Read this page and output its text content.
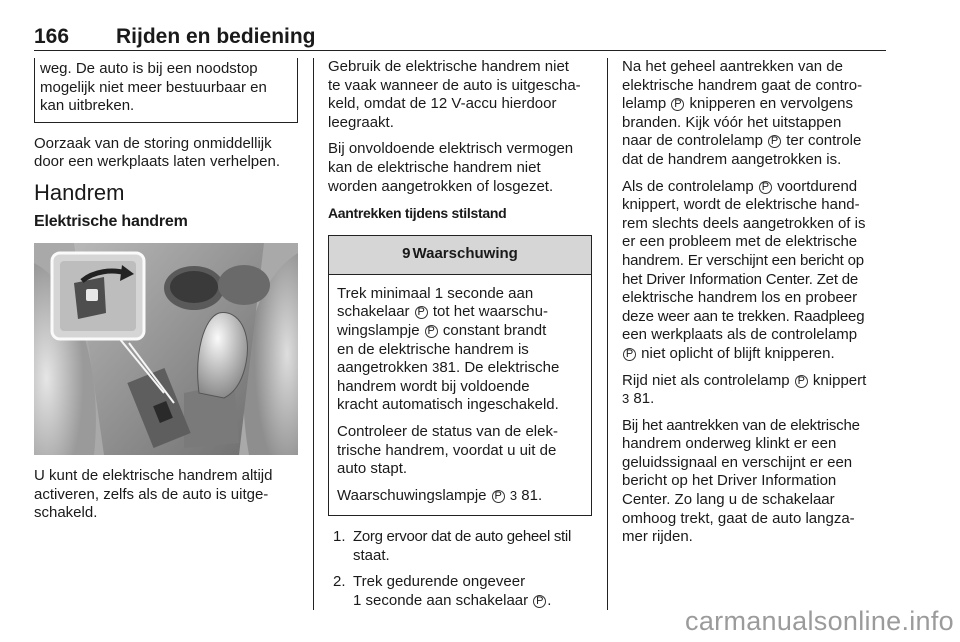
166 Rijden en bediening
weg. De auto is bij een noodstop
mogelijk niet meer bestuurbaar en
kan uitbreken.

Oorzaak van de storing onmiddellijk
door een werkplaats laten verhelpen.

Handrem
Elektrische handrem

U kunt de elektrische handrem altijd
activeren, zelfs als de auto is uitge-
schakeld.

Gebruik de elektrische handrem niet
te vaak wanneer de auto is uitgescha-
keld, omdat de 12 V-accu hierdoor
leegraakt.

Bij onvoldoende elektrisch vermogen
kan de elektrische handrem niet
worden aangetrokken of losgezet.

Aantrekken tijdens stilstand
9 Waarschuwing

Trek minimaal 1 seconde aan
schakelaar P tot het waarschu-
wingslampje P constant brandt
en de elektrische handrem is
aangetrokken 381. De elektrische
handrem wordt bij voldoende
kracht automatisch ingeschakeld.

Controleer de status van de elek-
trische handrem, voordat u uit de
auto stapt.

Waarschuwingslampje P 3 81.

1. Zorg ervoor dat de auto geheel stil
staat.
2. Trek gedurende ongeveer
1 seconde aan schakelaar P .

Na het geheel aantrekken van de
elektrische handrem gaat de contro-
lelamp P knipperen en vervolgens
branden. Kijk vóór het uitstappen
naar de controlelamp P ter controle
dat de handrem aangetrokken is.

Als de controlelamp P voortdurend
knippert, wordt de elektrische hand-
rem slechts deels aangetrokken of is
er een probleem met de elektrische
handrem. Er verschijnt een bericht op
het Driver Information Center. Zet de
elektrische handrem los en probeer
deze weer aan te trekken. Raadpleeg
een werkplaats als de controlelamp
P niet oplicht of blijft knipperen.

Rijd niet als controlelamp P knippert
3 81.

Bij het aantrekken van de elektrische
handrem onderweg klinkt er een
geluidssignaal en verschijnt er een
bericht op het Driver Information
Center. Zo lang u de schakelaar
omhoog trekt, gaat de auto langza-
mer rijden.

carmanualsonline.info
